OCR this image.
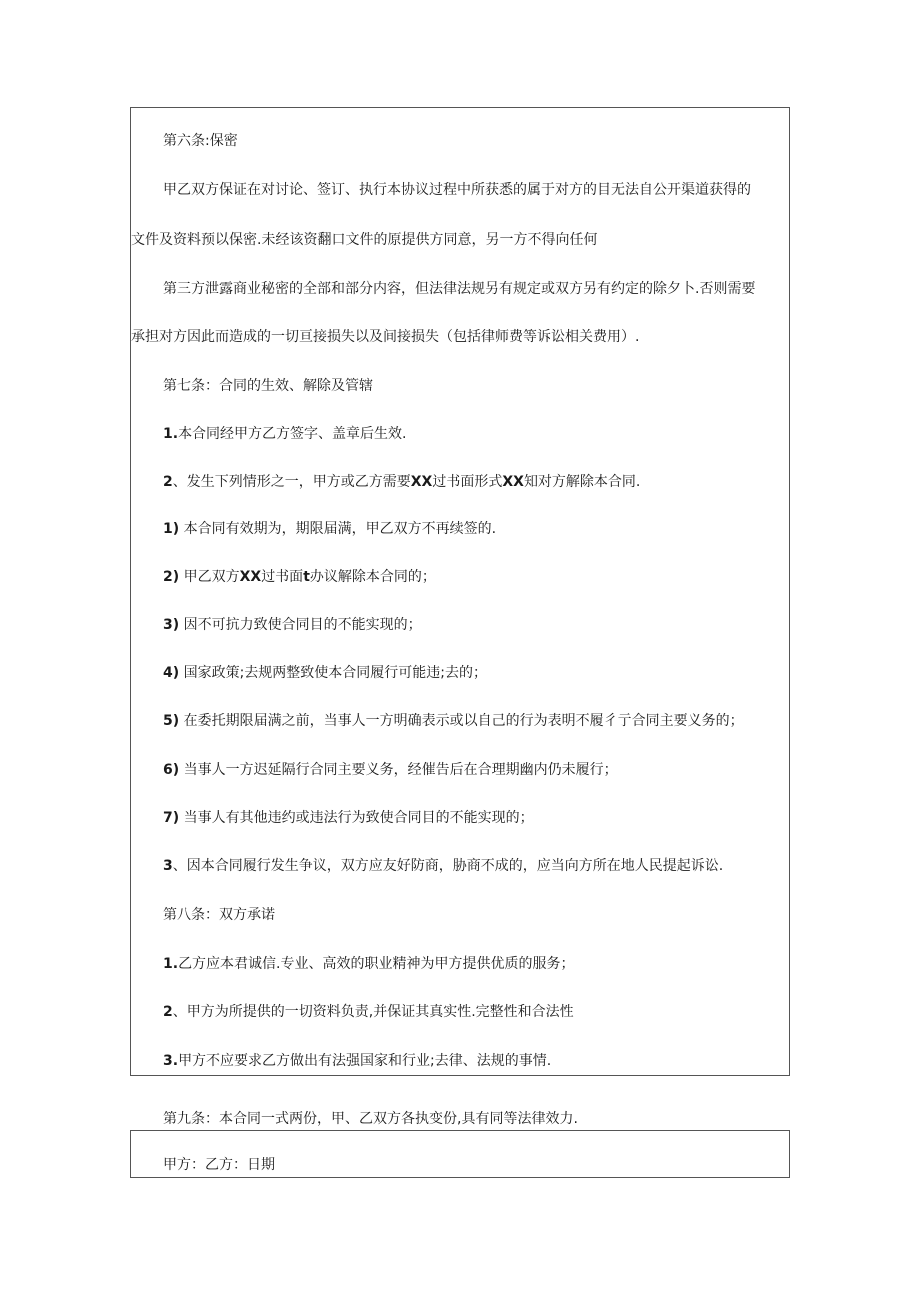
第六条:保密
甲乙双方保证在对讨论、签订、执行本协议过程中所获悉的属于对方的目无法自公开渠道获得的
文件及资料预以保密.未经该资翻口文件的原提供方同意，另一方不得向任何
第三方泄露商业秘密的全部和部分内容，但法律法规另有规定或双方另有约定的除夕卜.否则需要
承担对方因此而造成的一切亘接损失以及间接损失（包括律师费等诉讼相关费用）.
第七条：合同的生效、解除及管辖
1.本合同经甲方乙方签字、盖章后生效.
2、发生下列情形之一，甲方或乙方需要XX过书面形式XX知对方解除本合同.
1) 本合同有效期为，期限届满，甲乙双方不再续签的.
2) 甲乙双方XX过书面t办议解除本合同的；
3) 因不可抗力致使合同目的不能实现的；
4) 国家政策;去规两整致使本合同履行可能违;去的；
5) 在委托期限届满之前，当事人一方明确表示或以自己的行为表明不履彳亍合同主要义务的；
6) 当事人一方迟延隔行合同主要义务，经催告后在合理期幽内仍未履行；
7) 当事人有其他违约或违法行为致使合同目的不能实现的；
3、因本合同履行发生争议，双方应友好防商，胁商不成的，应当向方所在地人民提起诉讼.
第八条：双方承诺
1.乙方应本君诚信.专业、高效的职业精神为甲方提供优质的服务；
2、甲方为所提供的一切资料负责,并保证其真实性.完整性和合法性
3.甲方不应要求乙方做出有法强国家和行业;去律、法规的事情.
第九条：本合同一式两份，甲、乙双方各执变份,具有同等法律效力.
甲方：乙方：日期
